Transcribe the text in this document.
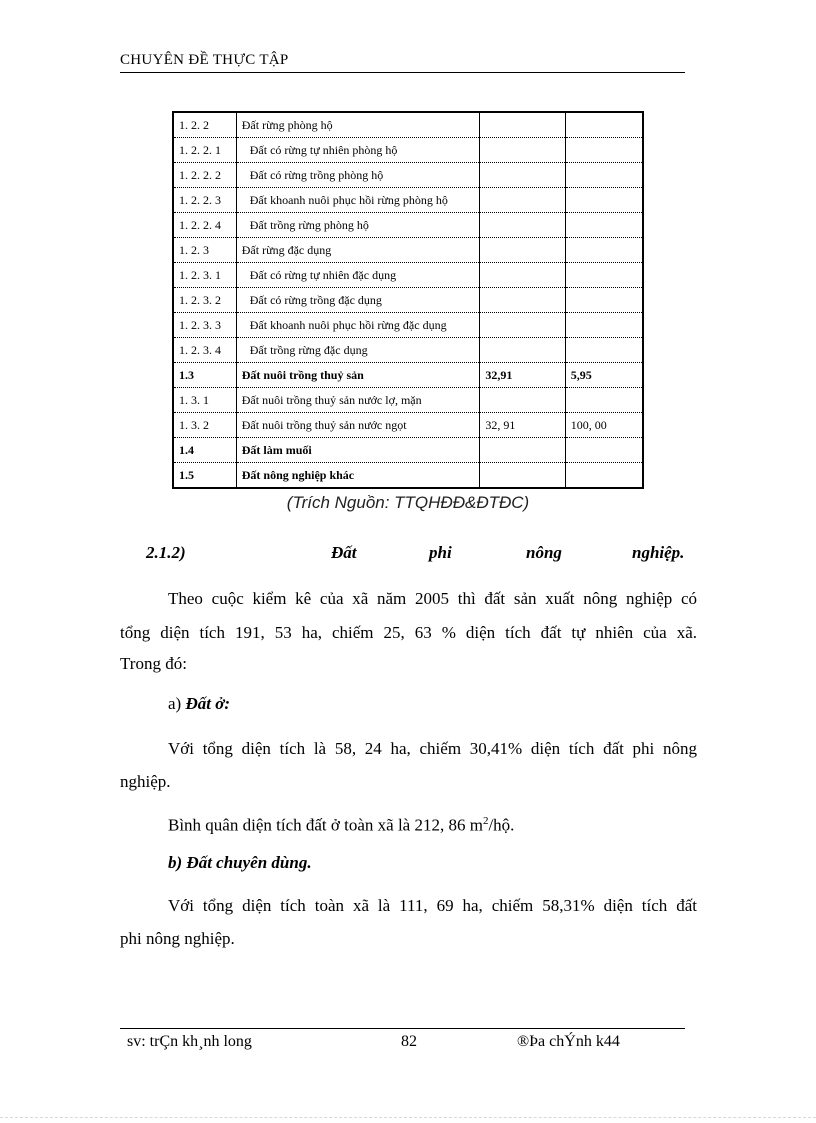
CHUYÊN ĐỀ THỰC TẬP
1. 2. 2	Đất rừng phòng hộ		
1. 2. 2. 1	Đất có rừng tự nhiên phòng hộ		
1. 2. 2. 2	Đất có rừng trồng phòng hộ		
1. 2. 2. 3	Đất khoanh nuôi phục hồi rừng phòng hộ		
1. 2. 2. 4	Đất trồng rừng phòng hộ		
1. 2. 3	Đất rừng đặc dụng		
1. 2. 3. 1	Đất có rừng tự nhiên đặc dụng		
1. 2. 3. 2	Đất có rừng trồng đặc dụng		
1. 2. 3. 3	Đất khoanh nuôi phục hồi rừng đặc dụng		
1. 2. 3. 4	Đất trồng rừng đặc dụng		
1.3	Đất nuôi trồng thuỷ sản	32,91	5,95
1. 3. 1	Đất nuôi trồng thuỷ sản nước lợ, mặn		
1. 3. 2	Đất nuôi trồng thuỷ sản nước ngọt	32, 91	100, 00
1.4	Đất làm muối		
1.5	Đất nông nghiệp khác		
(Trích Nguồn: TTQHĐĐ&ĐTĐC)
2.1.2)	Đất	phi	nông	nghiệp.
Theo cuộc kiểm kê của xã năm 2005 thì đất sản xuất nông nghiệp có
tổng diện tích 191, 53 ha, chiếm 25, 63 % diện tích đất tự nhiên của xã.
Trong đó:
a) Đất ở:
Với tổng diện tích là 58, 24 ha, chiếm 30,41% diện tích đất phi nông
nghiệp.
Bình quân diện tích đất ở toàn xã là 212, 86 $m^2/hộ$.
b) Đất chuyên dùng.
Với tổng diện tích toàn xã là 111, 69 ha, chiếm 58,31% diện tích đất
phi nông nghiệp.
sv: trÇn kh¸nh long	82	®Þa chÝnh k44
